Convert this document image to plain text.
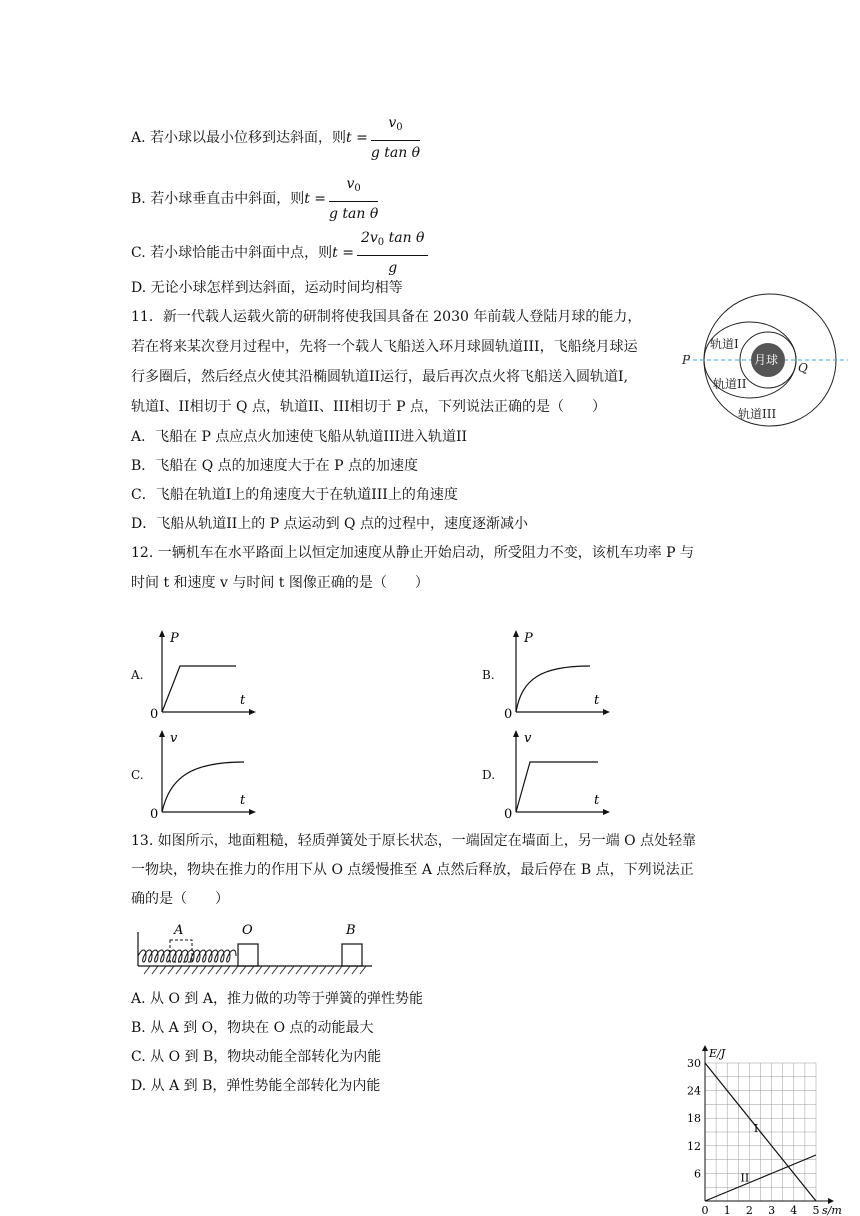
A. 若小球以最小位移到达斜面，则$t = \frac{v_0}{\text{g tan θ}}$
B. 若小球垂直击中斜面，则$t = \frac{v_0}{\text{g tan θ}}$
C. 若小球恰能击中斜面中点，则$t = \frac{2v_0 \tan \theta}{g}$
D. 无论小球怎样到达斜面，运动时间均相等
11．新一代载人运载火箭的研制将使我国具备在 2030 年前载人登陆月球的能力，
若在将来某次登月过程中，先将一个载人飞船送入环月球圆轨道III，飞船绕月球运
行多圈后，然后经点火使其沿椭圆轨道II运行，最后再次点火将飞船送入圆轨道I,
轨道I、II相切于 Q 点，轨道II、III相切于 P 点，下列说法正确的是（　　）
A．飞船在 P 点应点火加速使飞船从轨道III进入轨道II
B．飞船在 Q 点的加速度大于在 P 点的加速度
C．飞船在轨道I上的角速度大于在轨道III上的角速度
D．飞船从轨道II上的 P 点运动到 Q 点的过程中，速度逐渐减小
月球
轨道I
轨道II
轨道III
P
Q
12. 一辆机车在水平路面上以恒定加速度从静止开始启动，所受阻力不变，该机车功率 P 与
时间 t 和速度 v 与时间 t 图像正确的是（　　）
A.
P
t
0
B.
P
t
0
C.
v
t
0
D.
v
t
0
13. 如图所示，地面粗糙，轻质弹簧处于原长状态，一端固定在墙面上，另一端 O 点处轻靠
一物块，物块在推力的作用下从 O 点缓慢推至 A 点然后释放，最后停在 B 点，下列说法正
确的是（　　）
A	O	B
A. 从 O 到 A，推力做的功等于弹簧的弹性势能
B. 从 A 到 O，物块在 O 点的动能最大
C. 从 O 到 B，物块动能全部转化为内能
D. 从 A 到 B，弹性势能全部转化为内能
6
12
18
24
30
0 1 2 3 4 5
E/J
s/m
I
II
